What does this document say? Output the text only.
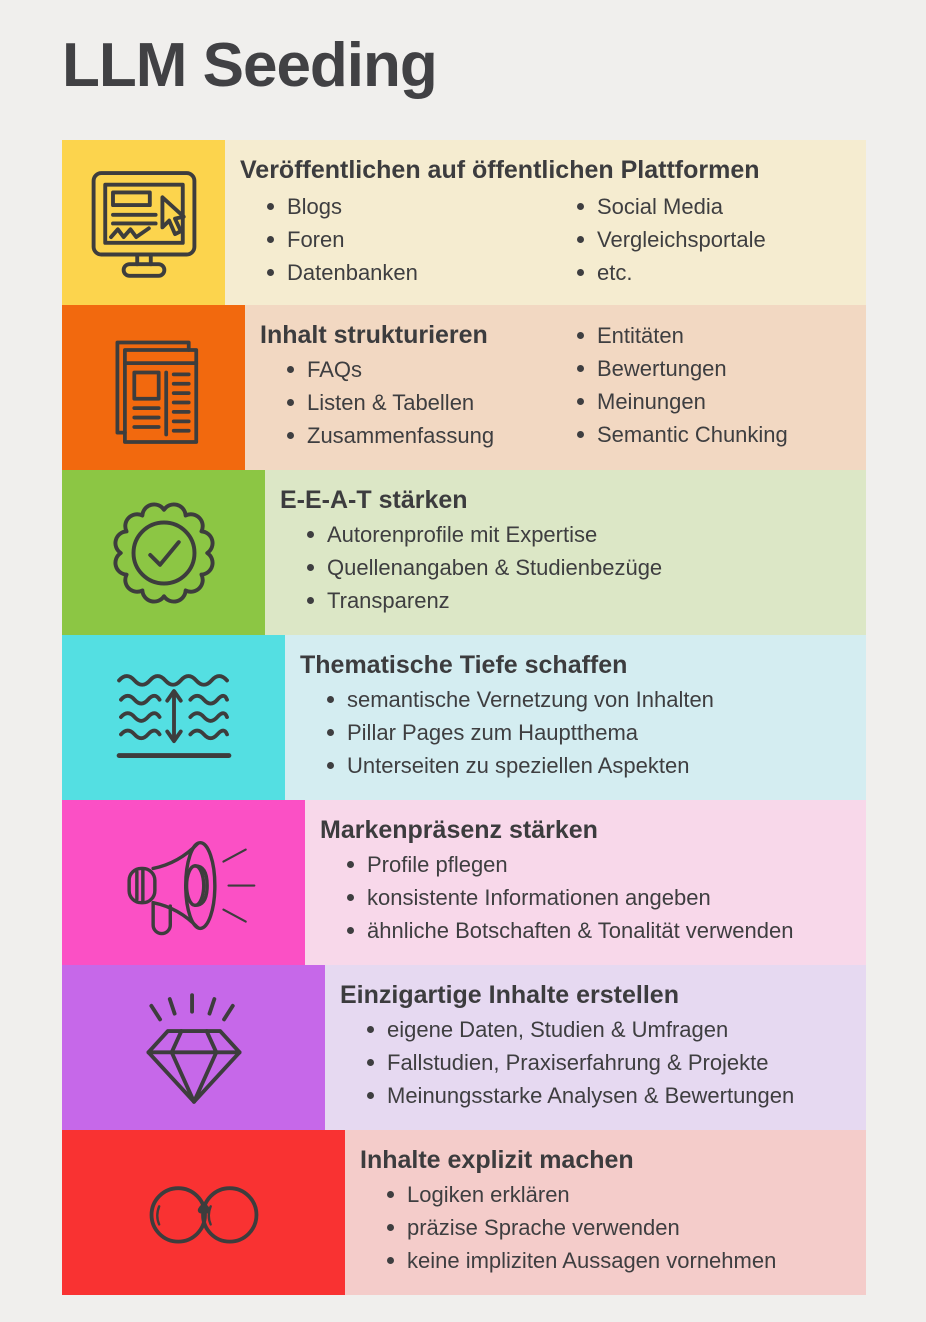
LLM Seeding
Veröffentlichen auf öffentlichen Plattformen
Blogs
Foren
Datenbanken
Social Media
Vergleichsportale
etc.
Inhalt strukturieren
FAQs
Listen & Tabellen
Zusammenfassung
Entitäten
Bewertungen
Meinungen
Semantic Chunking
E-E-A-T stärken
Autorenprofile mit Expertise
Quellenangaben & Studienbezüge
Transparenz
Thematische Tiefe schaffen
semantische Vernetzung von Inhalten
Pillar Pages zum Hauptthema
Unterseiten zu speziellen Aspekten
Markenpräsenz stärken
Profile pflegen
konsistente Informationen angeben
ähnliche Botschaften & Tonalität verwenden
Einzigartige Inhalte erstellen
eigene Daten, Studien & Umfragen
Fallstudien, Praxiserfahrung & Projekte
Meinungsstarke Analysen & Bewertungen
Inhalte explizit machen
Logiken erklären
präzise Sprache verwenden
keine impliziten Aussagen vornehmen
